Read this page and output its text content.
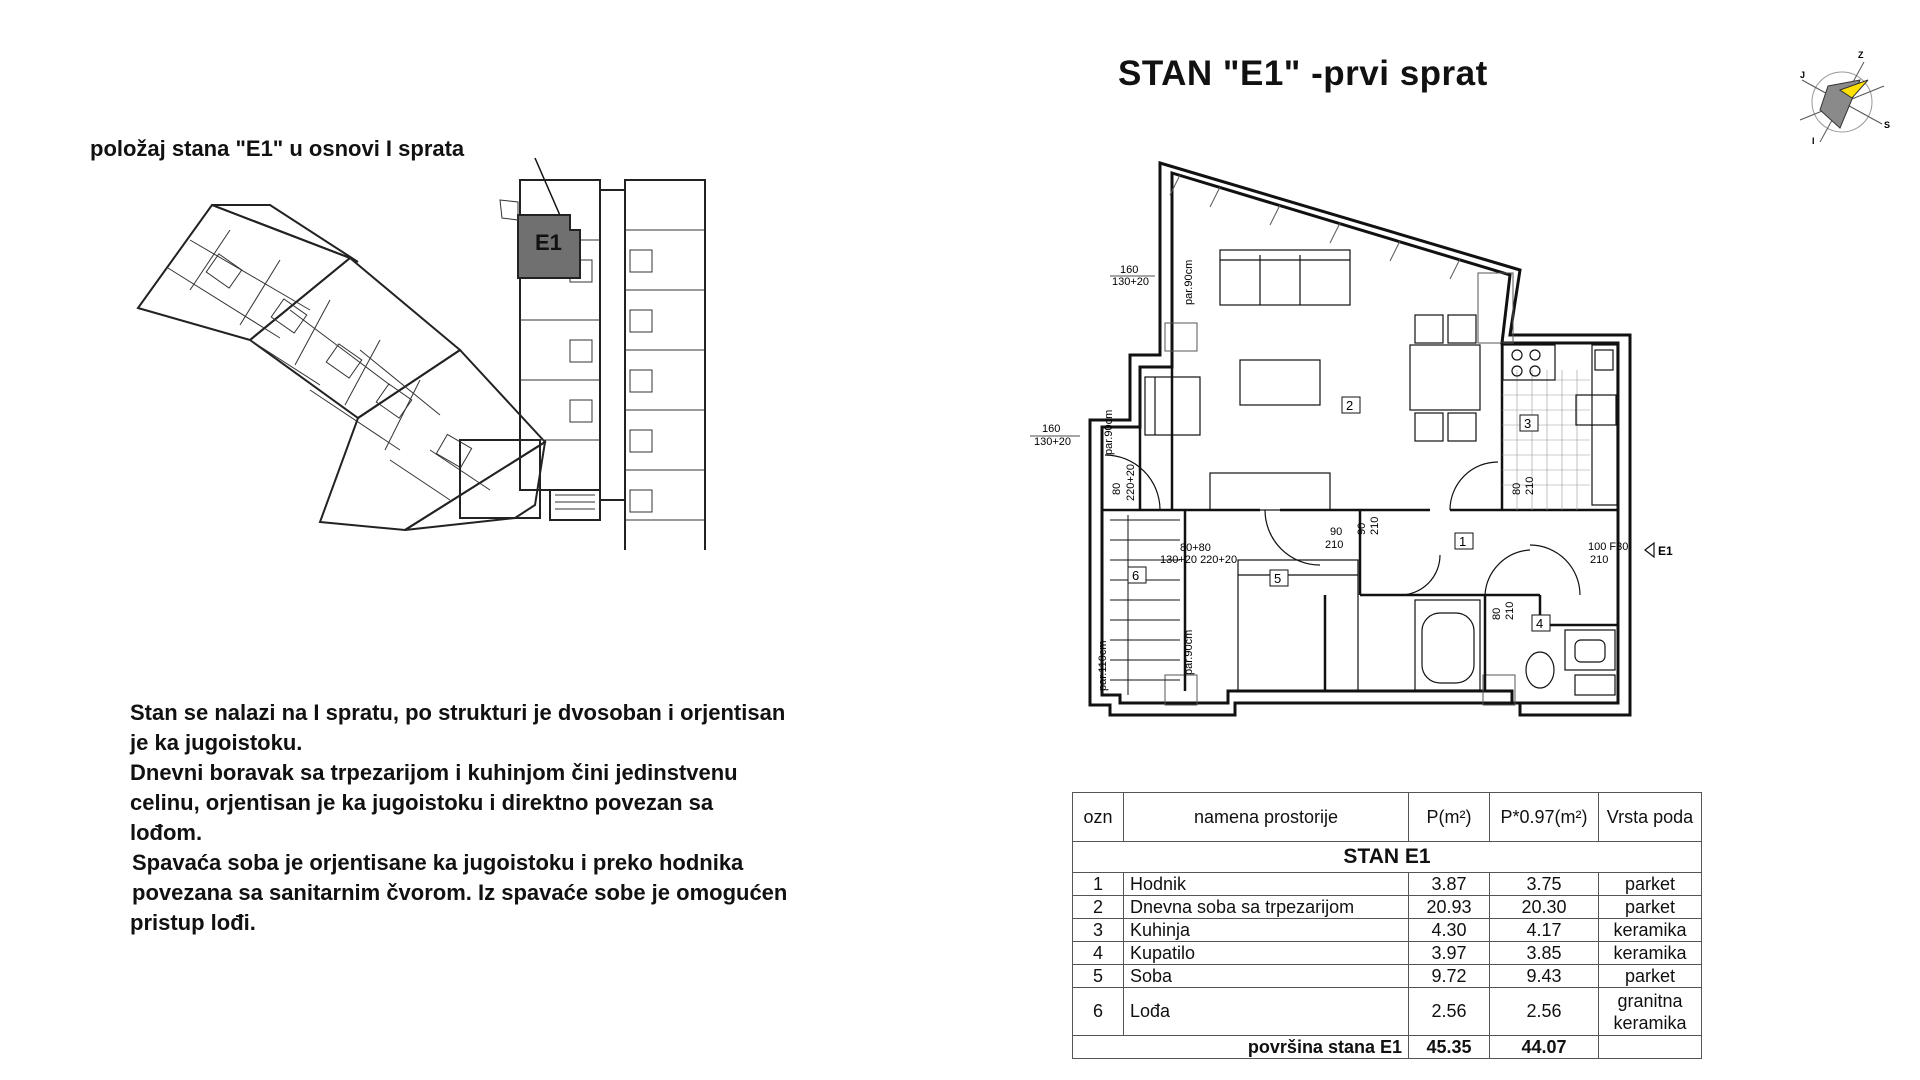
STAN "E1" -prvi sprat
položaj stana "E1" u osnovi I sprata
E1
J
Z
S
I
160
130+20	par.90cm
160
130+20	par.90cm
par.90cm
par.110cm
80+80
130+20 220+20
80 220+20
90 210
80 210
90
210	100 F30
210
80 210
1
2
3
4
5
6
E1

Stan se nalazi na I spratu, po strukturi je dvosoban i orjentisan

je ka jugoistoku.

Dnevni boravak sa trpezarijom i kuhinjom čini jedinstvenu

celinu, orjentisan je ka jugoistoku i direktno povezan sa

lođom.

Spavaća soba je orjentisane ka jugoistoku i preko hodnika

povezana sa sanitarnim čvorom. Iz spavaće sobe je omogućen

pristup lođi.

ozn	namena prostorije	P(m²)	P*0.97(m²)	Vrsta poda
STAN E1				
1	Hodnik	3.87	3.75	parket
2	Dnevna soba sa trpezarijom	20.93	20.30	parket
3	Kuhinja	4.30	4.17	keramika
4	Kupatilo	3.97	3.85	keramika
5	Soba	9.72	9.43	parket
6	Lođa	2.56	2.56	granitna
keramika

površina stana E1		45.35	44.07	
